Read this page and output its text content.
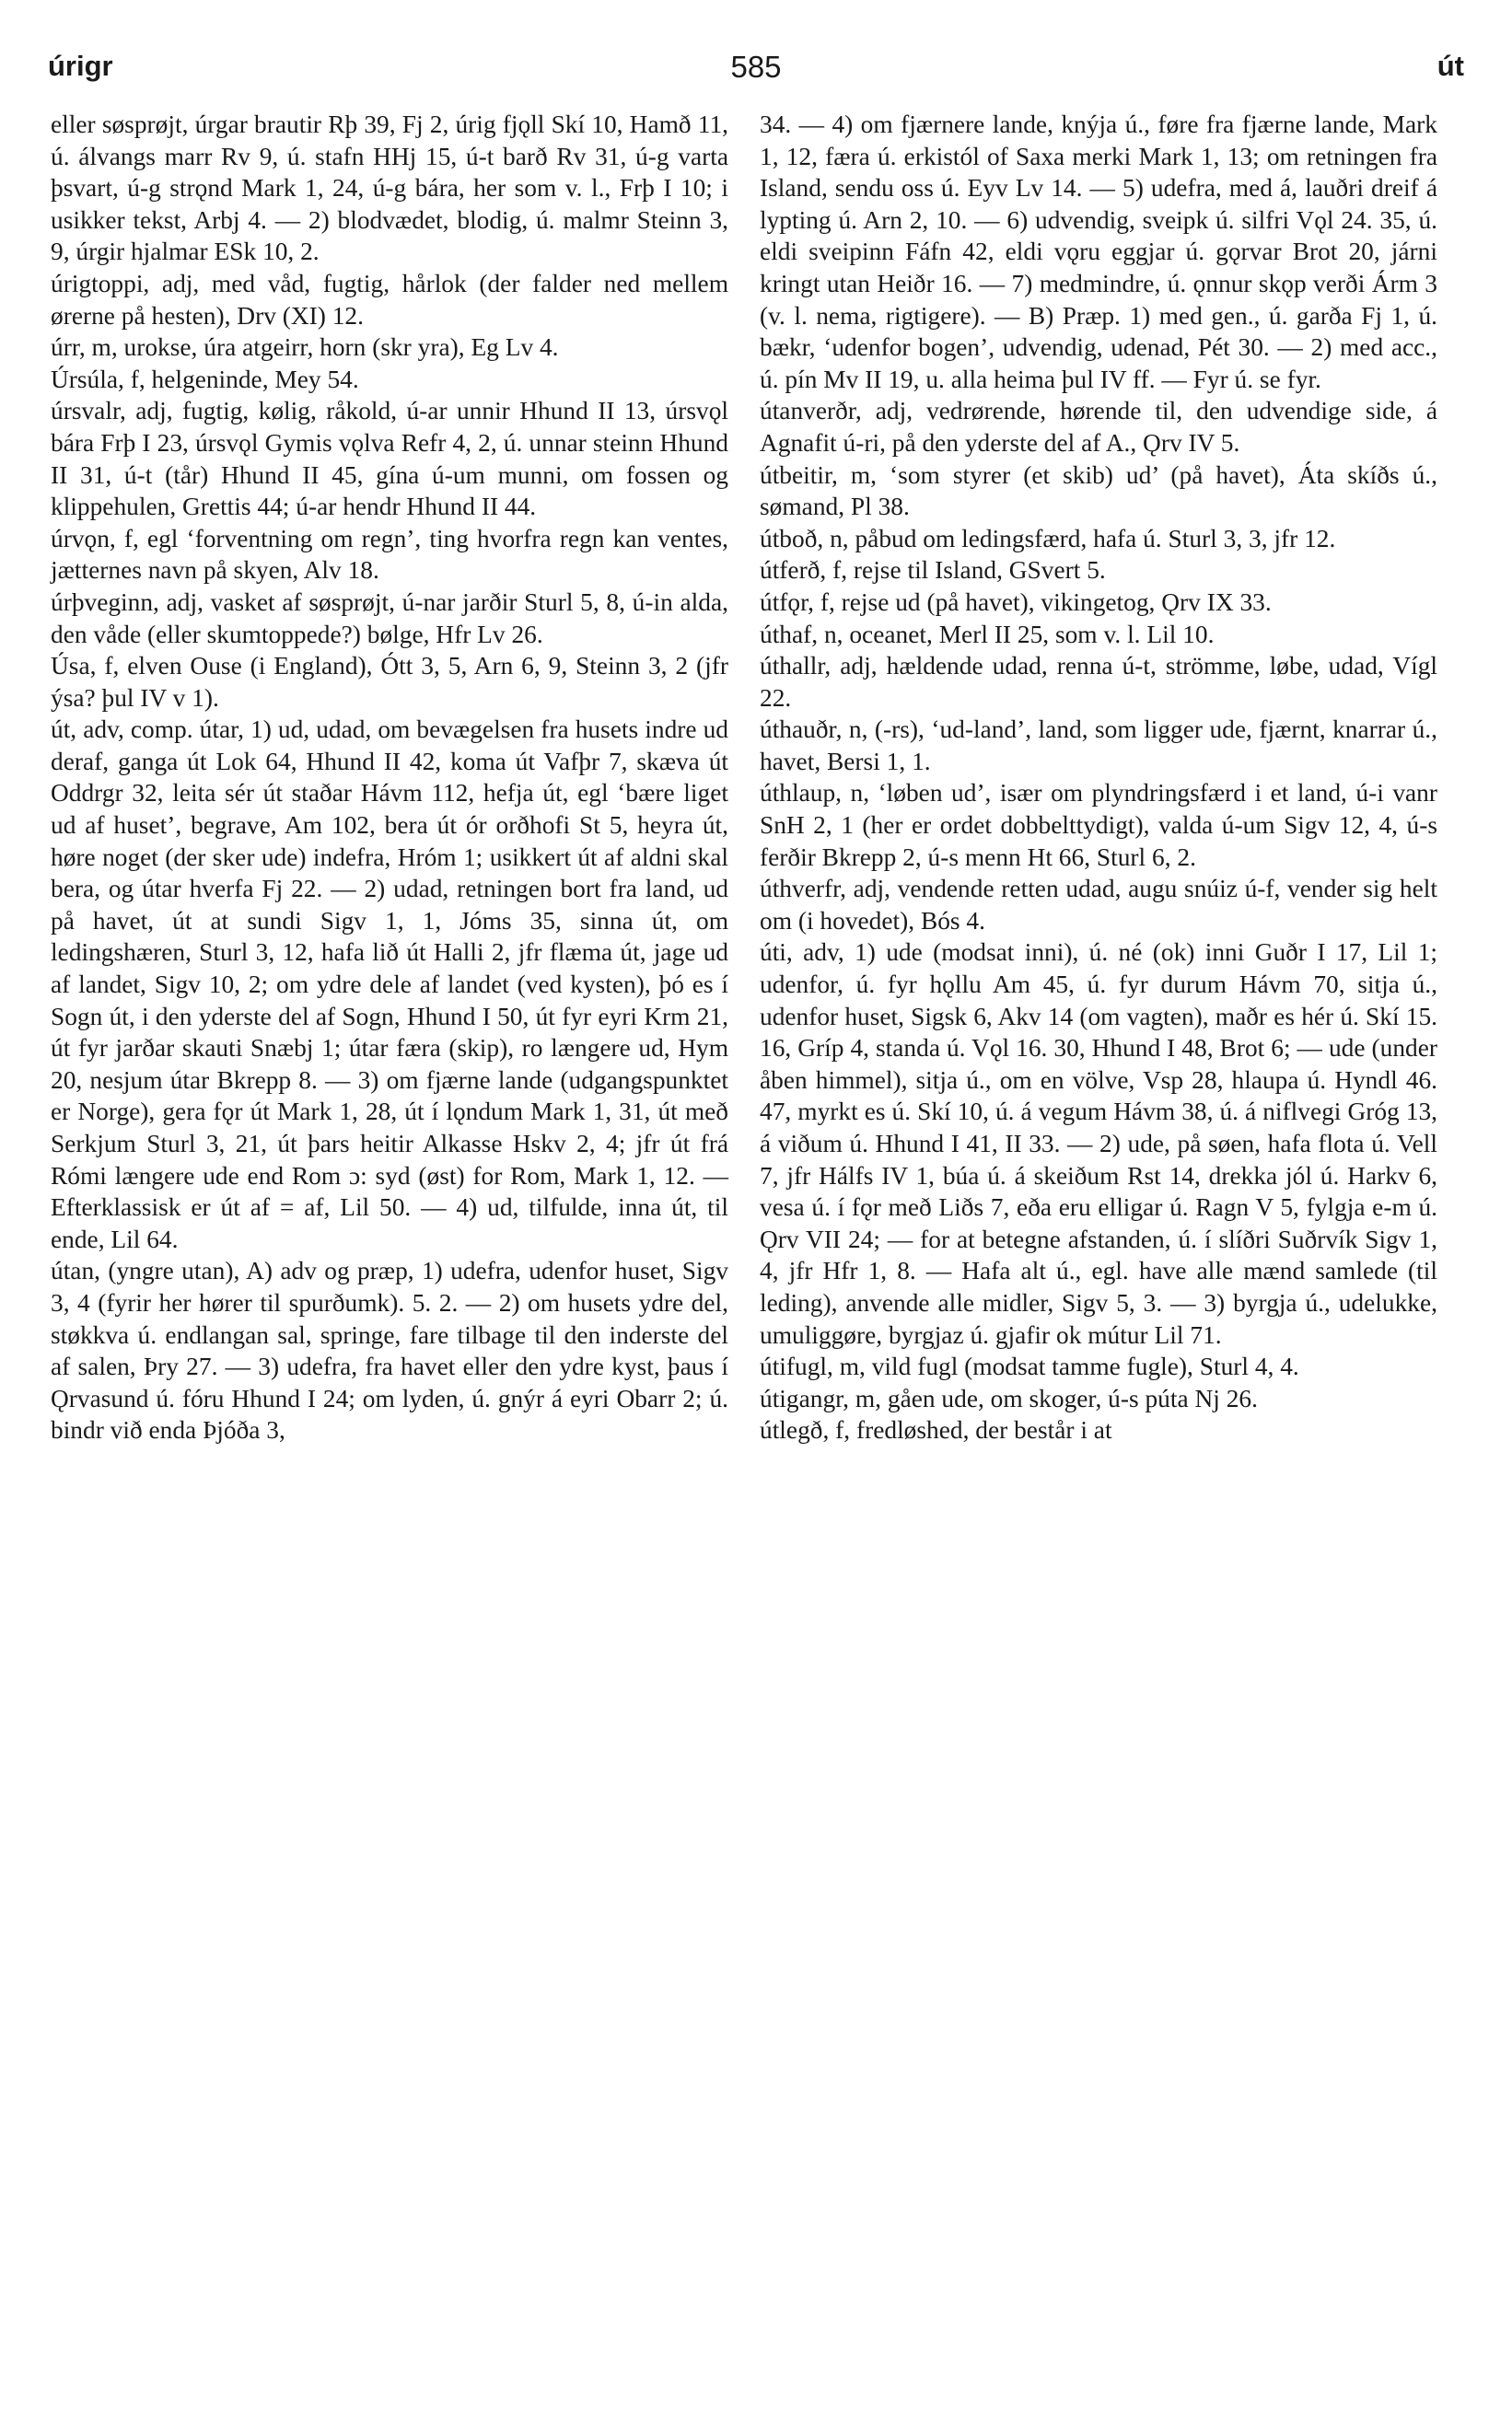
úrigr	585	út

eller søsprøjt, úrgar brautir Rþ 39, Fj 2, úrig fjǫll Skí 10, Hamð 11, ú. álvangs marr Rv 9, ú. stafn HHj 15, ú-t barð Rv 31, ú-g varta þsvart, ú-g strǫnd Mark 1, 24, ú-g bára, her som v. l., Frþ I 10; i usikker tekst, Arbj 4. — 2) blodvædet, blodig, ú. malmr Steinn 3, 9, úrgir hjalmar ESk 10, 2.

úrigtoppi, adj, med våd, fugtig, hårlok (der falder ned mellem ørerne på hesten), Drv (XI) 12.

úrr, m, urokse, úra atgeirr, horn (skr yra), Eg Lv 4.

Úrsúla, f, helgeninde, Mey 54.

úrsvalr, adj, fugtig, kølig, råkold, ú-ar unnir Hhund II 13, úrsvǫl bára Frþ I 23, úrsvǫl Gymis vǫlva Refr 4, 2, ú. unnar steinn Hhund II 31, ú-t (tår) Hhund II 45, gína ú-um munni, om fossen og klippehulen, Grettis 44; ú-ar hendr Hhund II 44.

úrvǫn, f, egl ‘forventning om regn’, ting hvorfra regn kan ventes, jætternes navn på skyen, Alv 18.

úrþveginn, adj, vasket af søsprøjt, ú-nar jarðir Sturl 5, 8, ú-in alda, den våde (eller skumtoppede?) bølge, Hfr Lv 26.

Úsa, f, elven Ouse (i England), Ótt 3, 5, Arn 6, 9, Steinn 3, 2 (jfr ýsa? þul IV v 1).

út, adv, comp. útar, 1) ud, udad, om bevægelsen fra husets indre ud deraf, ganga út Lok 64, Hhund II 42, koma út Vafþr 7, skæva út Oddrgr 32, leita sér út staðar Hávm 112, hefja út, egl ‘bære liget ud af huset’, begrave, Am 102, bera út ór orðhofi St 5, heyra út, høre noget (der sker ude) indefra, Hróm 1; usikkert út af aldni skal bera, og útar hverfa Fj 22. — 2) udad, retningen bort fra land, ud på havet, út at sundi Sigv 1, 1, Jóms 35, sinna út, om ledingshæren, Sturl 3, 12, hafa lið út Halli 2, jfr flæma út, jage ud af landet, Sigv 10, 2; om ydre dele af landet (ved kysten), þó es í Sogn út, i den yderste del af Sogn, Hhund I 50, út fyr eyri Krm 21, út fyr jarðar skauti Snæbj 1; útar færa (skip), ro længere ud, Hym 20, nesjum útar Bkrepp 8. — 3) om fjærne lande (udgangspunktet er Norge), gera fǫr út Mark 1, 28, út í lǫndum Mark 1, 31, út með Serkjum Sturl 3, 21, út þars heitir Alkasse Hskv 2, 4; jfr út frá Rómi længere ude end Rom ɔ: syd (øst) for Rom, Mark 1, 12. — Efterklassisk er út af = af, Lil 50. — 4) ud, tilfulde, inna út, til ende, Lil 64.

útan, (yngre utan), A) adv og præp, 1) udefra, udenfor huset, Sigv 3, 4 (fyrir her hører til spurðumk). 5. 2. — 2) om husets ydre del, støkkva ú. endlangan sal, springe, fare tilbage til den inderste del af salen, Þry 27. — 3) udefra, fra havet eller den ydre kyst, þaus í Ǫrvasund ú. fóru Hhund I 24; om lyden, ú. gnýr á eyri Obarr 2; ú. bindr við enda Þjóða 3,

34. — 4) om fjærnere lande, knýja ú., føre fra fjærne lande, Mark 1, 12, færa ú. erkistól of Saxa merki Mark 1, 13; om retningen fra Island, sendu oss ú. Eyv Lv 14. — 5) udefra, med á, lauðri dreif á lypting ú. Arn 2, 10. — 6) udvendig, sveipk ú. silfri Vǫl 24. 35, ú. eldi sveipinn Fáfn 42, eldi vǫru eggjar ú. gǫrvar Brot 20, járni kringt utan Heiðr 16. — 7) medmindre, ú. ǫnnur skǫp verði Árm 3 (v. l. nema, rigtigere). — B) Præp. 1) med gen., ú. garða Fj 1, ú. bækr, ‘udenfor bogen’, udvendig, udenad, Pét 30. — 2) med acc., ú. pín Mv II 19, u. alla heima þul IV ff. — Fyr ú. se fyr.

útanverðr, adj, vedrørende, hørende til, den udvendige side, á Agnafit ú-ri, på den yderste del af A., Ǫrv IV 5.

útbeitir, m, ‘som styrer (et skib) ud’ (på havet), Áta skíðs ú., sømand, Pl 38.

útboð, n, påbud om ledingsfærd, hafa ú. Sturl 3, 3, jfr 12.

útferð, f, rejse til Island, GSvert 5.

útfǫr, f, rejse ud (på havet), vikingetog, Ǫrv IX 33.

úthaf, n, oceanet, Merl II 25, som v. l. Lil 10.

úthallr, adj, hældende udad, renna ú-t, strömme, løbe, udad, Vígl 22.

úthauðr, n, (-rs), ‘ud-land’, land, som ligger ude, fjærnt, knarrar ú., havet, Bersi 1, 1.

úthlaup, n, ‘løben ud’, især om plyndringsfærd i et land, ú-i vanr SnH 2, 1 (her er ordet dobbelttydigt), valda ú-um Sigv 12, 4, ú-s ferðir Bkrepp 2, ú-s menn Ht 66, Sturl 6, 2.

úthverfr, adj, vendende retten udad, augu snúiz ú-f, vender sig helt om (i hovedet), Bós 4.

úti, adv, 1) ude (modsat inni), ú. né (ok) inni Guðr I 17, Lil 1; udenfor, ú. fyr hǫllu Am 45, ú. fyr durum Hávm 70, sitja ú., udenfor huset, Sigsk 6, Akv 14 (om vagten), maðr es hér ú. Skí 15. 16, Gríp 4, standa ú. Vǫl 16. 30, Hhund I 48, Brot 6; — ude (under åben himmel), sitja ú., om en völve, Vsp 28, hlaupa ú. Hyndl 46. 47, myrkt es ú. Skí 10, ú. á vegum Hávm 38, ú. á niflvegi Gróg 13, á viðum ú. Hhund I 41, II 33. — 2) ude, på søen, hafa flota ú. Vell 7, jfr Hálfs IV 1, búa ú. á skeiðum Rst 14, drekka jól ú. Harkv 6, vesa ú. í fǫr með Liðs 7, eða eru elligar ú. Ragn V 5, fylgja e-m ú. Ǫrv VII 24; — for at betegne afstanden, ú. í slíðri Suðrvík Sigv 1, 4, jfr Hfr 1, 8. — Hafa alt ú., egl. have alle mænd samlede (til leding), anvende alle midler, Sigv 5, 3. — 3) byrgja ú., udelukke, umuliggøre, byrgjaz ú. gjafir ok mútur Lil 71.

útifugl, m, vild fugl (modsat tamme fugle), Sturl 4, 4.

útigangr, m, gåen ude, om skoger, ú-s púta Nj 26.

útlegð, f, fredløshed, der består i at
